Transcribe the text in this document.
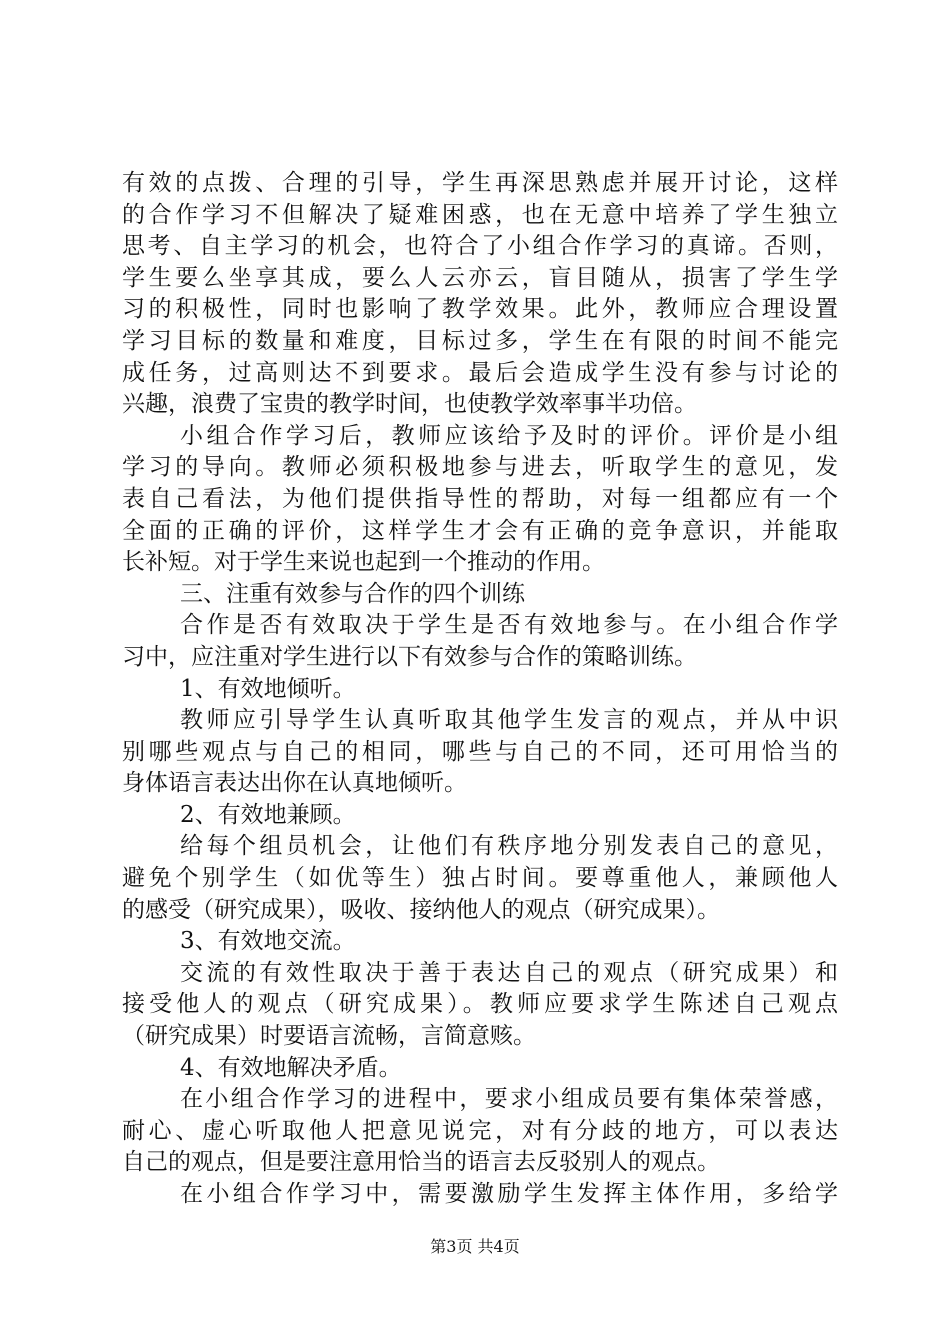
有效的点拨、合理的引导，学生再深思熟虑并展开讨论，这样
的合作学习不但解决了疑难困惑，也在无意中培养了学生独立
思考、自主学习的机会，也符合了小组合作学习的真谛。否则，
学生要么坐享其成，要么人云亦云，盲目随从，损害了学生学
习的积极性，同时也影响了教学效果。此外，教师应合理设置
学习目标的数量和难度，目标过多，学生在有限的时间不能完
成任务，过高则达不到要求。最后会造成学生没有参与讨论的
兴趣，浪费了宝贵的教学时间，也使教学效率事半功倍。
小组合作学习后，教师应该给予及时的评价。评价是小组
学习的导向。教师必须积极地参与进去，听取学生的意见，发
表自己看法，为他们提供指导性的帮助，对每一组都应有一个
全面的正确的评价，这样学生才会有正确的竞争意识，并能取
长补短。对于学生来说也起到一个推动的作用。
三、注重有效参与合作的四个训练
合作是否有效取决于学生是否有效地参与。在小组合作学
习中，应注重对学生进行以下有效参与合作的策略训练。
1、有效地倾听。
教师应引导学生认真听取其他学生发言的观点，并从中识
别哪些观点与自己的相同，哪些与自己的不同，还可用恰当的
身体语言表达出你在认真地倾听。
2、有效地兼顾。
给每个组员机会，让他们有秩序地分别发表自己的意见，
避免个别学生（如优等生）独占时间。要尊重他人，兼顾他人
的感受（研究成果），吸收、接纳他人的观点（研究成果）。
3、有效地交流。
交流的有效性取决于善于表达自己的观点（研究成果）和
接受他人的观点（研究成果）。教师应要求学生陈述自己观点
（研究成果）时要语言流畅，言简意赅。
4、有效地解决矛盾。
在小组合作学习的进程中，要求小组成员要有集体荣誉感，
耐心、虚心听取他人把意见说完，对有分歧的地方，可以表达
自己的观点，但是要注意用恰当的语言去反驳别人的观点。
在小组合作学习中，需要激励学生发挥主体作用，多给学
第3页 共4页
